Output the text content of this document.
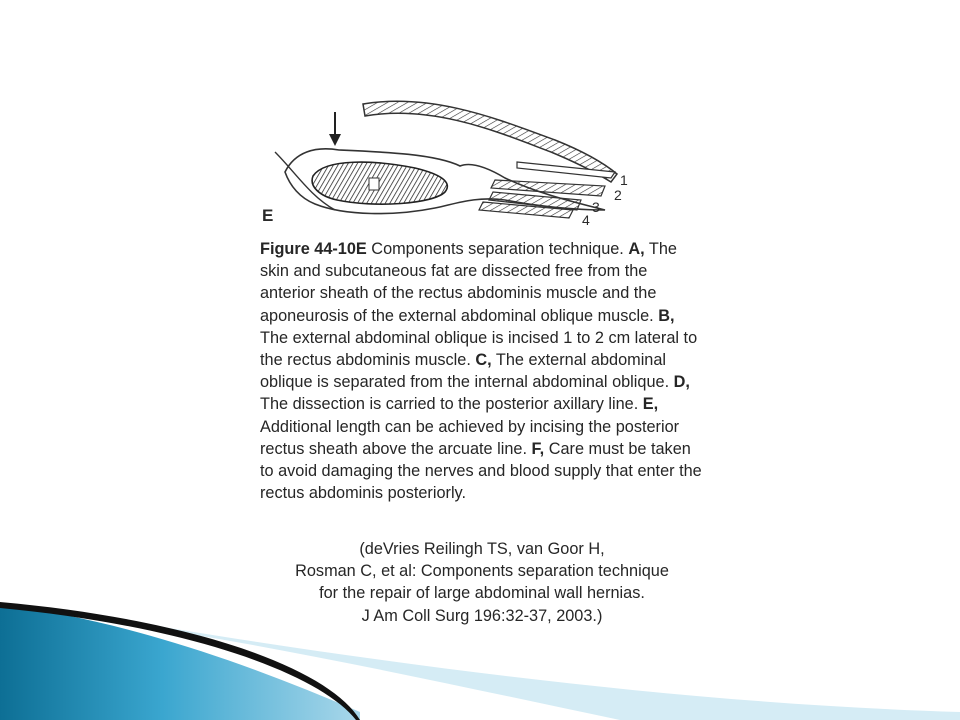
E
1
2
3
4
Figure 44-10E Components separation technique. A, The skin and subcutaneous fat are dissected free from the anterior sheath of the rectus abdominis muscle and the aponeurosis of the external abdominal oblique muscle. B, The external abdominal oblique is incised 1 to 2 cm lateral to the rectus abdominis muscle. C, The external abdominal oblique is separated from the internal abdominal oblique. D, The dissection is carried to the posterior axillary line. E, Additional length can be achieved by incising the posterior rectus sheath above the arcuate line. F, Care must be taken to avoid damaging the nerves and blood supply that enter the rectus abdominis posteriorly.
(deVries Reilingh TS, van Goor H,
Rosman C, et al: Components separation technique
for the repair of large abdominal wall hernias.
J Am Coll Surg 196:32-37, 2003.)
